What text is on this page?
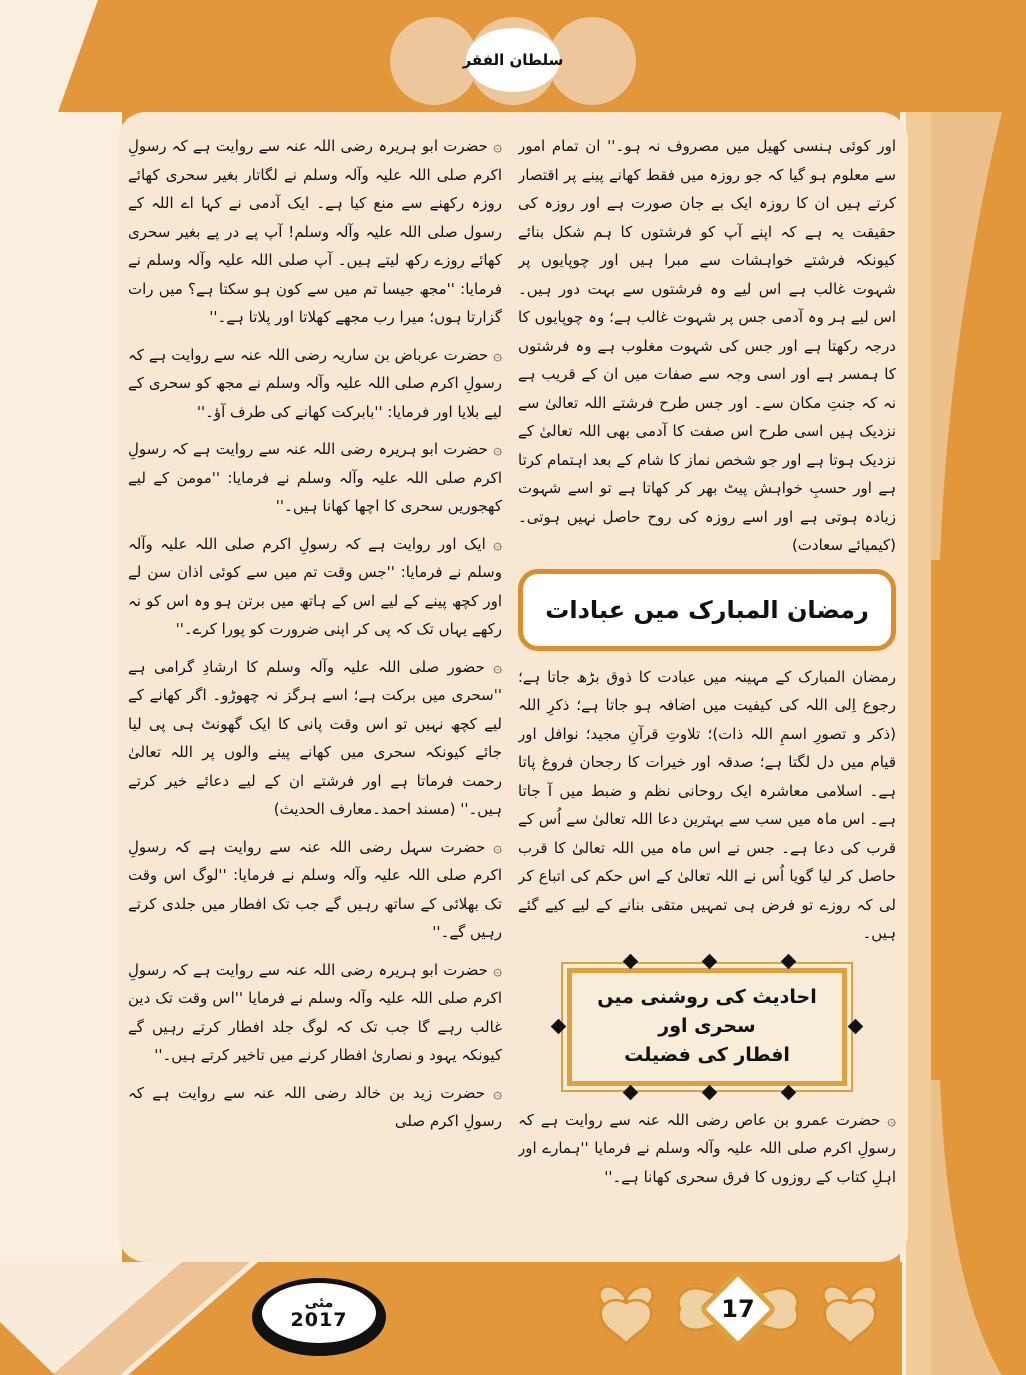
سلطان الفقر

اور کوئی ہنسی کھیل میں مصروف نہ ہو۔'' ان تمام امور سے معلوم ہو گیا کہ جو روزہ میں فقط کھانے پینے پر اقتصار کرتے ہیں ان کا روزہ ایک بے جان صورت ہے اور روزہ کی حقیقت یہ ہے کہ اپنے آپ کو فرشتوں کا ہم شکل بنائے کیونکہ فرشتے خواہشات سے مبرا ہیں اور چوپایوں پر شہوت غالب ہے اس لیے وہ فرشتوں سے بہت دور ہیں۔ اس لیے ہر وہ آدمی جس پر شہوت غالب ہے؛ وہ چوپایوں کا درجہ رکھتا ہے اور جس کی شہوت مغلوب ہے وہ فرشتوں کا ہمسر ہے اور اسی وجہ سے صفات میں ان کے قریب ہے نہ کہ جنتِ مکان سے۔ اور جس طرح فرشتے اللہ تعالیٰ سے نزدیک ہیں اسی طرح اس صفت کا آدمی بھی اللہ تعالیٰ کے نزدیک ہوتا ہے اور جو شخص نماز کا شام کے بعد اہتمام کرتا ہے اور حسبِ خواہش پیٹ بھر کر کھاتا ہے تو اسے شہوت زیادہ ہوتی ہے اور اسے روزہ کی روح حاصل نہیں ہوتی۔ (کیمیائے سعادت)

رمضان المبارک میں عبادات

رمضان المبارک کے مہینہ میں عبادت کا ذوق بڑھ جاتا ہے؛ رجوع اِلی اللہ کی کیفیت میں اضافہ ہو جاتا ہے؛ ذکرِ اللہ (ذکر و تصورِ اسمِ اللہ ذات)؛ تلاوتِ قرآنِ مجید؛ نوافل اور قیام میں دل لگتا ہے؛ صدقہ اور خیرات کا رجحان فروغ پاتا ہے۔ اسلامی معاشرہ ایک روحانی نظم و ضبط میں آ جاتا ہے۔ اس ماہ میں سب سے بہترین دعا اللہ تعالیٰ سے اُس کے قرب کی دعا ہے۔ جس نے اس ماہ میں اللہ تعالیٰ کا قرب حاصل کر لیا گویا اُس نے اللہ تعالیٰ کے اس حکم کی اتباع کر لی کہ روزے تو فرض ہی تمہیں متقی بنانے کے لیے کیے گئے ہیں۔

احادیث کی روشنی میں سحری اور
افطار کی فضیلت

۞ حضرت عمرو بن عاص رضی اللہ عنہ سے روایت ہے کہ رسولِ اکرم صلی اللہ علیہ وآلہ وسلم نے فرمایا ''ہمارے اور اہلِ کتاب کے روزوں کا فرق سحری کھانا ہے۔''

۞ حضرت ابو ہریرہ رضی اللہ عنہ سے روایت ہے کہ رسولِ اکرم صلی اللہ علیہ وآلہ وسلم نے لگاتار بغیر سحری کھائے روزہ رکھنے سے منع کیا ہے۔ ایک آدمی نے کہا اے اللہ کے رسول صلی اللہ علیہ وآلہ وسلم! آپ پے در پے بغیر سحری کھائے روزے رکھ لیتے ہیں۔ آپ صلی اللہ علیہ وآلہ وسلم نے فرمایا: ''مجھ جیسا تم میں سے کون ہو سکتا ہے؟ میں رات گزارتا ہوں؛ میرا رب مجھے کھلاتا اور پلاتا ہے۔''

۞ حضرت عرباض بن ساریہ رضی اللہ عنہ سے روایت ہے کہ رسولِ اکرم صلی اللہ علیہ وآلہ وسلم نے مجھ کو سحری کے لیے بلایا اور فرمایا: ''بابرکت کھانے کی طرف آؤ۔''

۞ حضرت ابو ہریرہ رضی اللہ عنہ سے روایت ہے کہ رسولِ اکرم صلی اللہ علیہ وآلہ وسلم نے فرمایا: ''مومن کے لیے کھجوریں سحری کا اچھا کھانا ہیں۔''

۞ ایک اور روایت ہے کہ رسولِ اکرم صلی اللہ علیہ وآلہ وسلم نے فرمایا: ''جس وقت تم میں سے کوئی اذان سن لے اور کچھ پینے کے لیے اس کے ہاتھ میں برتن ہو وہ اس کو نہ رکھے یہاں تک کہ پی کر اپنی ضرورت کو پورا کرے۔''

۞ حضور صلی اللہ علیہ وآلہ وسلم کا ارشادِ گرامی ہے ''سحری میں برکت ہے؛ اسے ہرگز نہ چھوڑو۔ اگر کھانے کے لیے کچھ نہیں تو اس وقت پانی کا ایک گھونٹ ہی پی لیا جائے کیونکہ سحری میں کھانے پینے والوں پر اللہ تعالیٰ رحمت فرماتا ہے اور فرشتے ان کے لیے دعائے خیر کرتے ہیں۔'' (مسند احمد۔معارف الحدیث)

۞ حضرت سہل رضی اللہ عنہ سے روایت ہے کہ رسولِ اکرم صلی اللہ علیہ وآلہ وسلم نے فرمایا: ''لوگ اس وقت تک بھلائی کے ساتھ رہیں گے جب تک افطار میں جلدی کرتے رہیں گے۔''

۞ حضرت ابو ہریرہ رضی اللہ عنہ سے روایت ہے کہ رسولِ اکرم صلی اللہ علیہ وآلہ وسلم نے فرمایا ''اس وقت تک دین غالب رہے گا جب تک کہ لوگ جلد افطار کرتے رہیں گے کیونکہ یہود و نصاریٰ افطار کرنے میں تاخیر کرتے ہیں۔''

۞ حضرت زید بن خالد رضی اللہ عنہ سے روایت ہے کہ رسولِ اکرم صلی

مئی
2017	17
